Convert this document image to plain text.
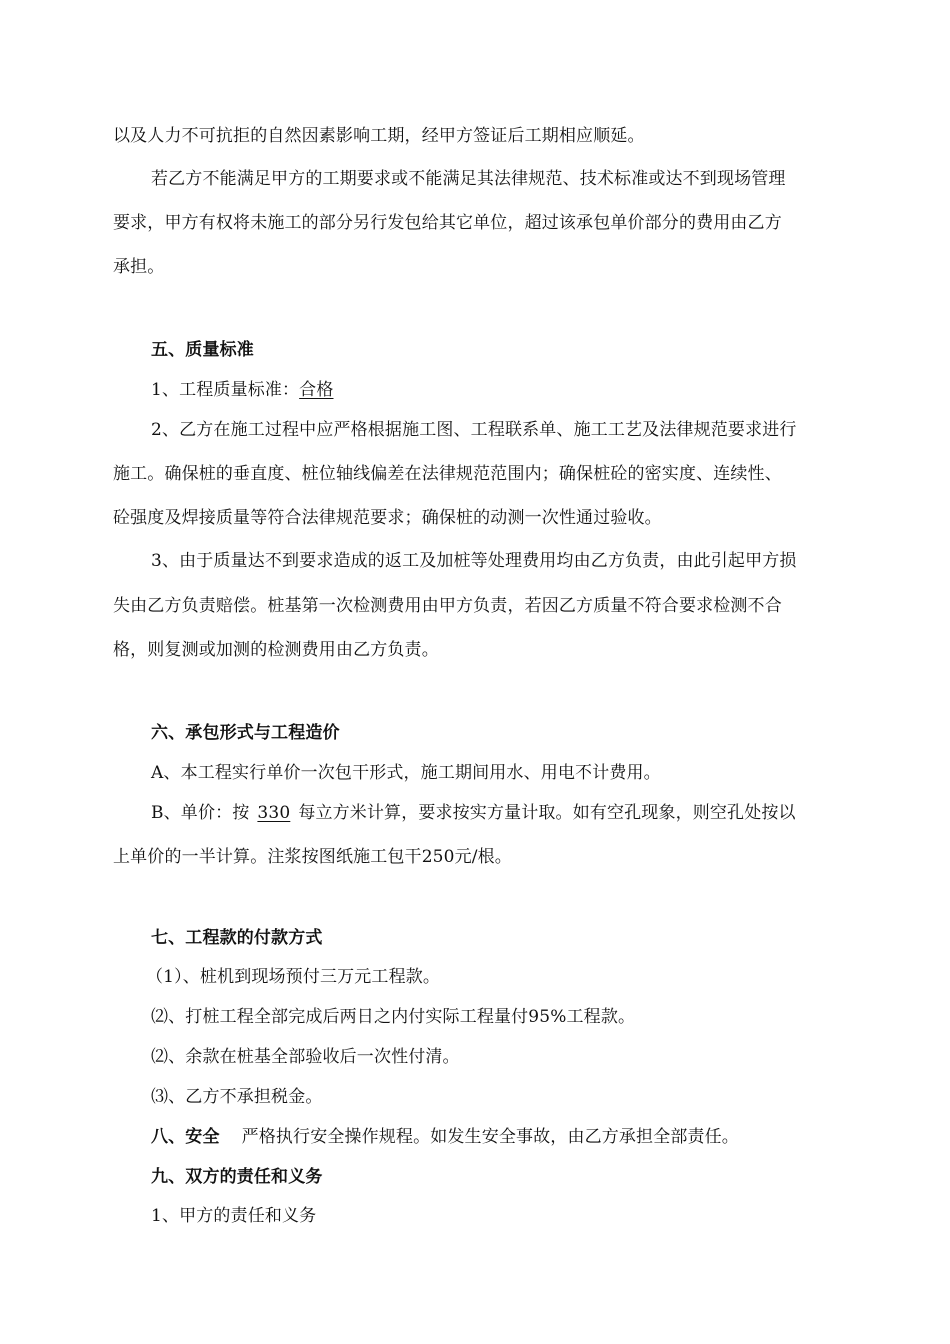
以及人力不可抗拒的自然因素影响工期，经甲方签证后工期相应顺延。
若乙方不能满足甲方的工期要求或不能满足其法律规范、技术标准或达不到现场管理
要求，甲方有权将未施工的部分另行发包给其它单位，超过该承包单价部分的费用由乙方
承担。
五、质量标准
1、工程质量标准：合格
2、乙方在施工过程中应严格根据施工图、工程联系单、施工工艺及法律规范要求进行
施工。确保桩的垂直度、桩位轴线偏差在法律规范范围内；确保桩砼的密实度、连续性、
砼强度及焊接质量等符合法律规范要求；确保桩的动测一次性通过验收。
3、由于质量达不到要求造成的返工及加桩等处理费用均由乙方负责，由此引起甲方损
失由乙方负责赔偿。桩基第一次检测费用由甲方负责，若因乙方质量不符合要求检测不合
格，则复测或加测的检测费用由乙方负责。
六、承包形式与工程造价
A、本工程实行单价一次包干形式，施工期间用水、用电不计费用。
B、单价：按 330 每立方米计算，要求按实方量计取。如有空孔现象，则空孔处按以
上单价的一半计算。注浆按图纸施工包干250元/根。
七、工程款的付款方式
（1）、桩机到现场预付三万元工程款。
⑵、打桩工程全部完成后两日之内付实际工程量付95%工程款。
⑵、余款在桩基全部验收后一次性付清。
⑶、乙方不承担税金。
八、安全 严格执行安全操作规程。如发生安全事故，由乙方承担全部责任。
九、双方的责任和义务
1、甲方的责任和义务
